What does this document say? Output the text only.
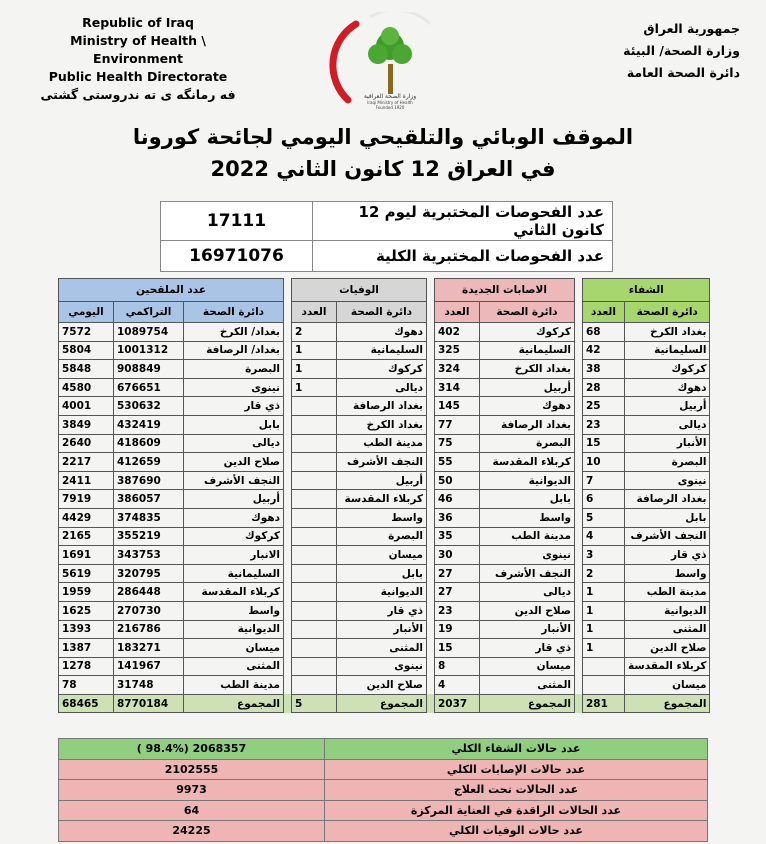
Republic of Iraq
Ministry of Health \ Environment
Public Health Directorate
فه رمانگه ی ته ندروستی گشتی	وزارة الصحة العراقية
Iraqi Ministry of Health
Founded 1920
جمهورية العراق
وزارة الصحة/ البيئة
دائرة الصحة العامة
الموقف الوبائي والتلقيحي اليومي لجائحة كورونا
في العراق 12 كانون الثاني 2022
17111	عدد الفحوصات المختبرية ليوم 12 كانون الثاني
16971076	عدد الفحوصات المختبرية الكلية
عدد الملقحين				الوفيات			الاصابات الجديدة			الشفاء	
اليومي	التراكمي	دائرة الصحة		العدد	دائرة الصحة		العدد	دائرة الصحة		العدد	دائرة الصحة
7572	1089754	بغداد/ الكرخ		2	دهوك		402	كركوك		68	بغداد الكرخ
5804	1001312	بغداد/ الرصافة		1	السليمانية		325	السليمانية		42	السليمانية
5848	908849	البصرة		1	كركوك		324	بغداد الكرخ		38	كركوك
4580	676651	نينوى		1	ديالى		314	أربيل		28	دهوك
4001	530632	ذي قار			بغداد الرصافة		145	دهوك		25	أربيل
3849	432419	بابل			بغداد الكرخ		77	بغداد الرصافة		23	ديالى
2640	418609	ديالى			مدينة الطب		75	البصرة		15	الأنبار
2217	412659	صلاح الدين			النجف الأشرف		55	كربلاء المقدسة		10	البصرة
2411	387690	النجف الأشرف			أربيل		50	الديوانية		7	نينوى
7919	386057	أربيل			كربلاء المقدسة		46	بابل		6	بغداد الرصافة
4429	374835	دهوك			واسط		36	واسط		5	بابل
2165	355219	كركوك			البصرة		35	مدينة الطب		4	النجف الأشرف
1691	343753	الانبار			ميسان		30	نينوى		3	ذي قار
5619	320795	السليمانية			بابل		27	النجف الأشرف		2	واسط
1959	286448	كربلاء المقدسة			الديوانية		27	ديالى		1	مدينة الطب
1625	270730	واسط			ذي قار		23	صلاح الدين		1	الديوانية
1393	216786	الديوانية			الأنبار		19	الأنبار		1	المثنى
1387	183271	ميسان			المثنى		15	ذي قار		1	صلاح الدين
1278	141967	المثنى			نينوى		8	ميسان			كربلاء المقدسة
78	31748	مدينة الطب			صلاح الدين		4	المثنى			ميسان
68465	8770184	المجموع		5	المجموع		2037	المجموع		281	المجموع
( 98.4%) 2068357	عدد حالات الشفاء الكلي
2102555	عدد حالات الإصابات الكلي
9973	عدد الحالات تحت العلاج
64	عدد الحالات الراقدة في العناية المركزة
24225	عدد حالات الوفيات الكلي
